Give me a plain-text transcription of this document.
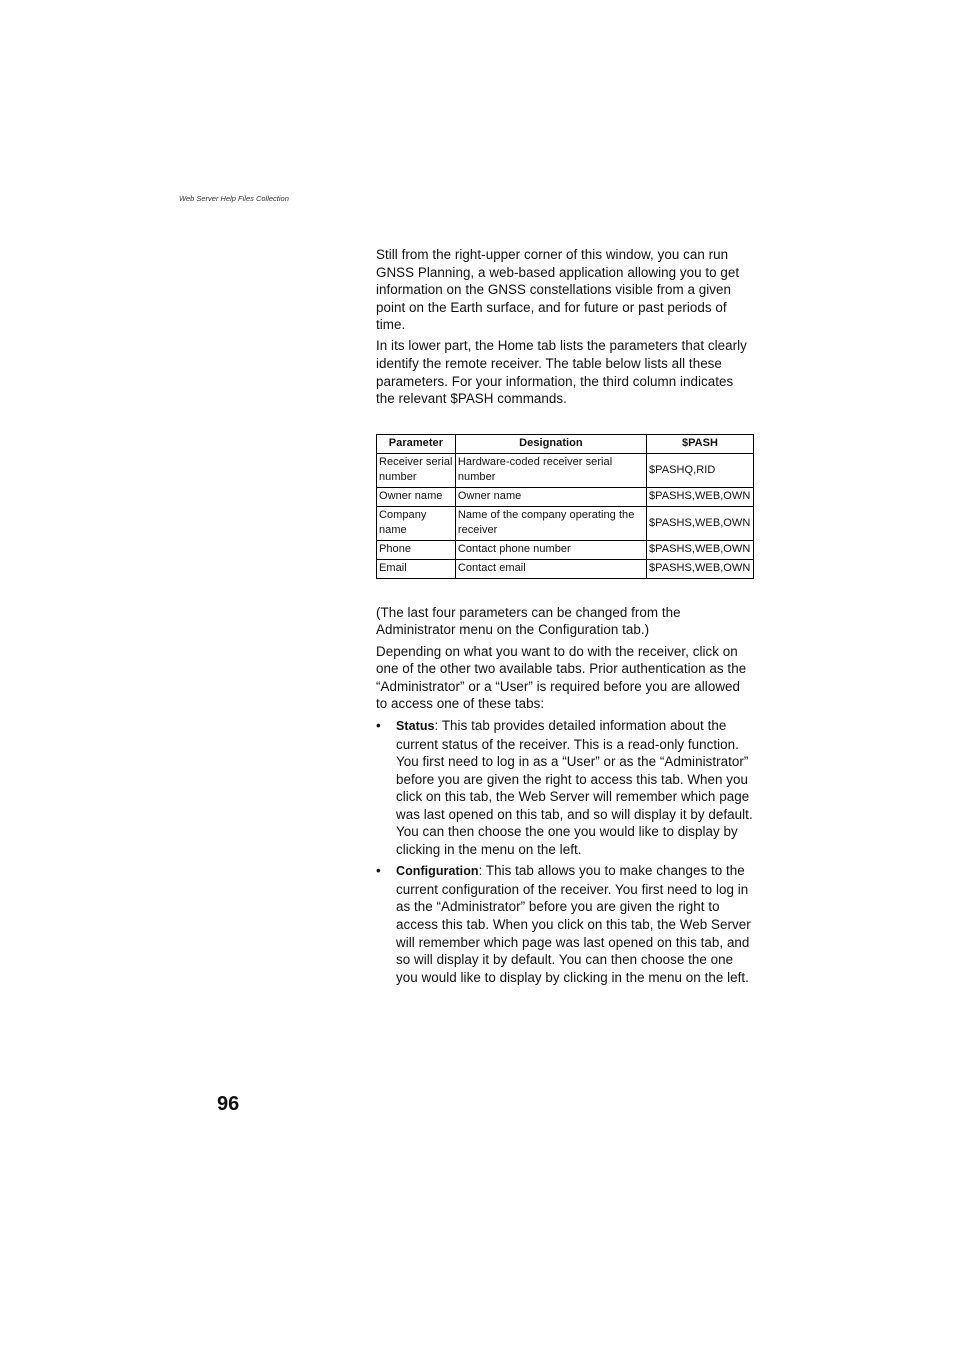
Web Server Help Files Collection

Still from the right-upper corner of this window, you can run GNSS Planning, a web-based application allowing you to get information on the GNSS constellations visible from a given point on the Earth surface, and for future or past periods of time.

In its lower part, the Home tab lists the parameters that clearly identify the remote receiver. The table below lists all these parameters. For your information, the third column indicates the relevant $PASH commands.

Parameter	Designation	$PASH
Receiver serial number	Hardware-coded receiver serial number	$PASHQ,RID
Owner name	Owner name	$PASHS,WEB,OWN
Company name	Name of the company operating the receiver	$PASHS,WEB,OWN
Phone	Contact phone number	$PASHS,WEB,OWN
Email	Contact email	$PASHS,WEB,OWN

(The last four parameters can be changed from the Administrator menu on the Configuration tab.)

Depending on what you want to do with the receiver, click on one of the other two available tabs. Prior authentication as the “Administrator” or a “User” is required before you are allowed to access one of these tabs:

• Status: This tab provides detailed information about the current status of the receiver. This is a read-only function. You first need to log in as a “User” or as the “Administrator” before you are given the right to access this tab. When you click on this tab, the Web Server will remember which page was last opened on this tab, and so will display it by default. You can then choose the one you would like to display by clicking in the menu on the left.
• Configuration: This tab allows you to make changes to the current configuration of the receiver. You first need to log in as the “Administrator” before you are given the right to access this tab. When you click on this tab, the Web Server will remember which page was last opened on this tab, and so will display it by default. You can then choose the one you would like to display by clicking in the menu on the left.
96
